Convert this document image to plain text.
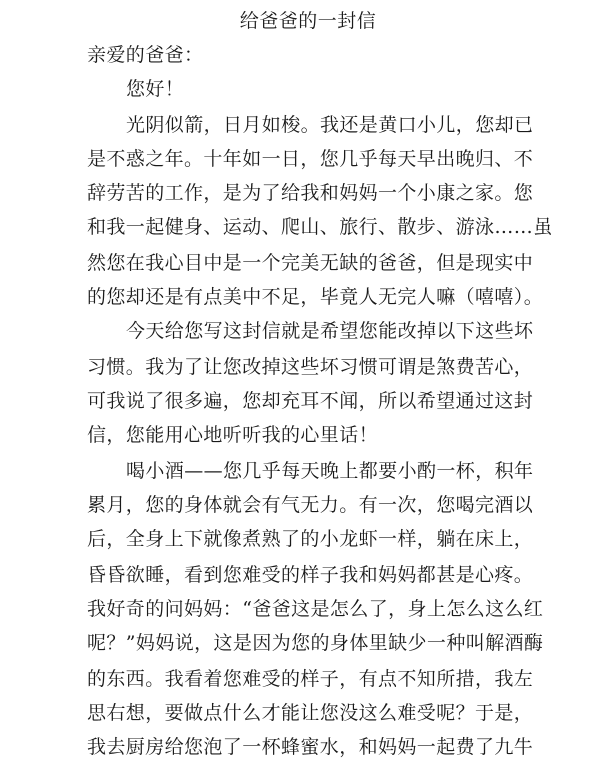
给爸爸的一封信
亲爱的爸爸：
您好！
光阴似箭，日月如梭。我还是黄口小儿，您却已
是不惑之年。十年如一日，您几乎每天早出晚归、不
辞劳苦的工作，是为了给我和妈妈一个小康之家。您
和我一起健身、运动、爬山、旅行、散步、游泳……虽
然您在我心目中是一个完美无缺的爸爸，但是现实中
的您却还是有点美中不足，毕竟人无完人嘛（嘻嘻）。
今天给您写这封信就是希望您能改掉以下这些坏
习惯。我为了让您改掉这些坏习惯可谓是煞费苦心，
可我说了很多遍，您却充耳不闻，所以希望通过这封
信，您能用心地听听我的心里话！
喝小酒——您几乎每天晚上都要小酌一杯，积年
累月，您的身体就会有气无力。有一次，您喝完酒以
后，全身上下就像煮熟了的小龙虾一样，躺在床上，
昏昏欲睡，看到您难受的样子我和妈妈都甚是心疼。
我好奇的问妈妈：“爸爸这是怎么了，身上怎么这么红
呢？”妈妈说，这是因为您的身体里缺少一种叫解酒酶
的东西。我看着您难受的样子，有点不知所措，我左
思右想，要做点什么才能让您没这么难受呢？于是，
我去厨房给您泡了一杯蜂蜜水，和妈妈一起费了九牛
